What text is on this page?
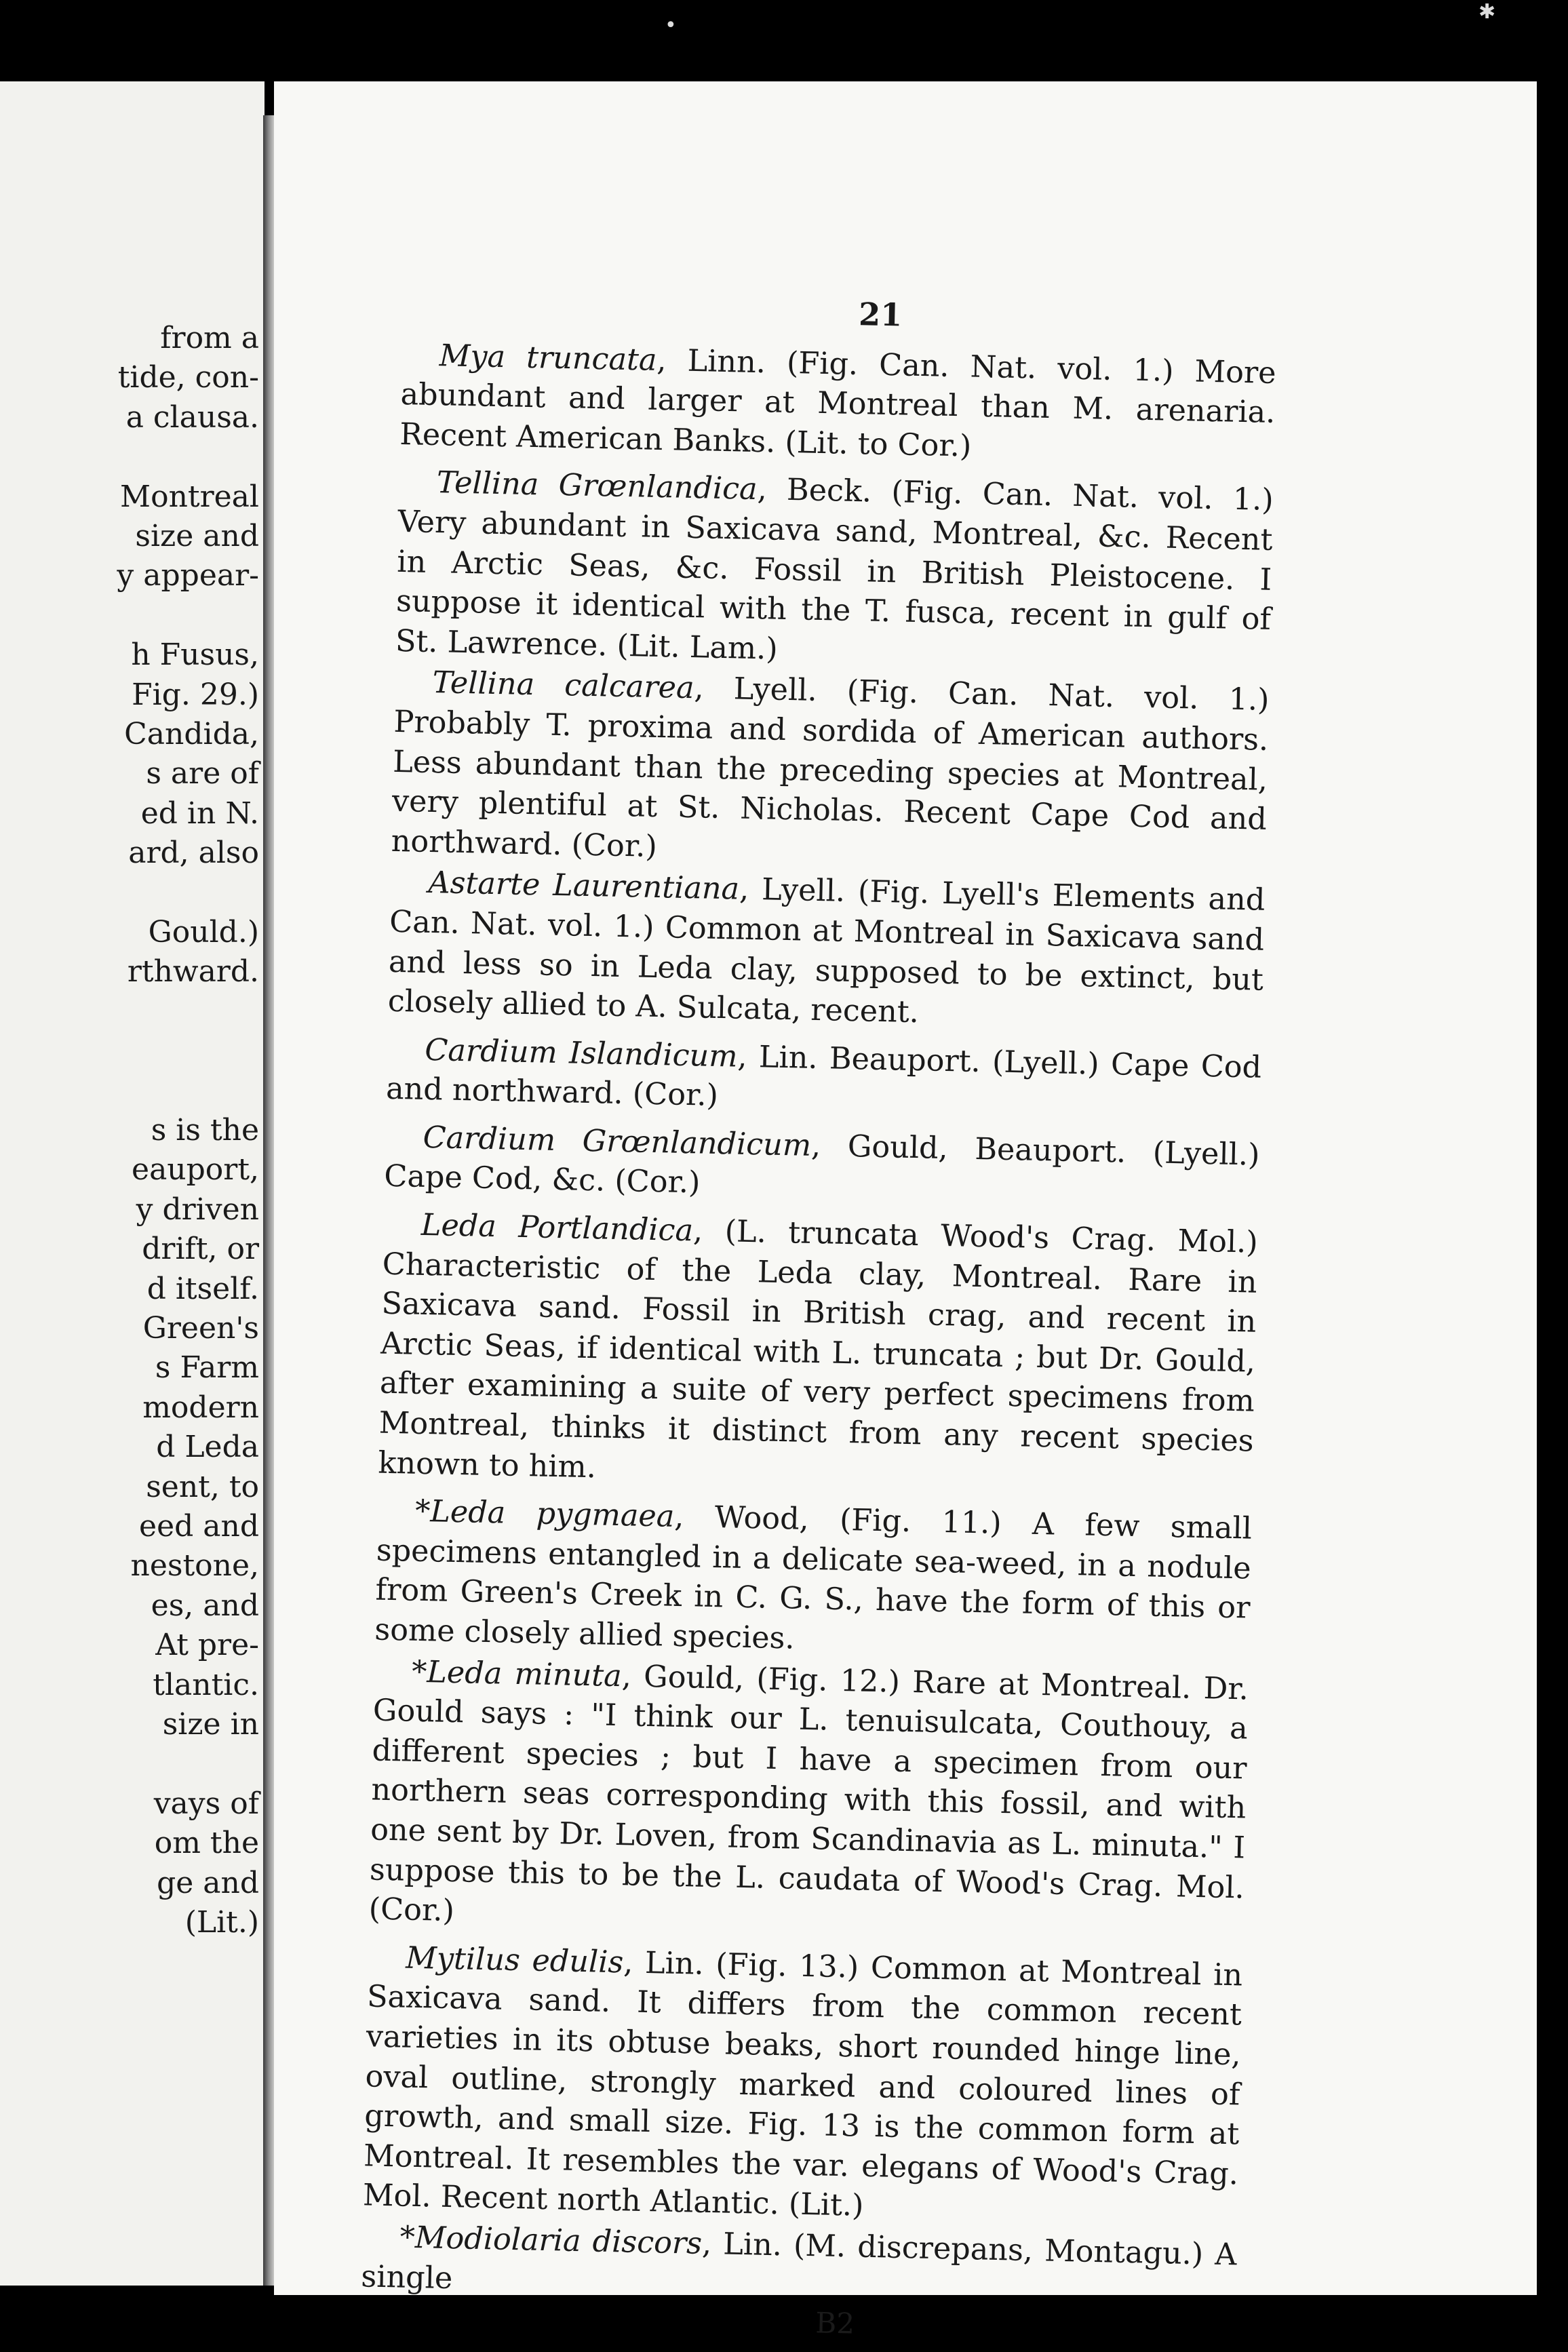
from a
tide, con-
a clausa.
Montreal
size and
y appear-
h Fusus,
Fig. 29.)
Candida,
s are of
ed in N.
ard, also
Gould.)
rthward.
s is the
eauport,
y driven
drift, or
d itself.
Green's
s Farm
modern
d Leda
sent, to
eed and
nestone,
es, and
At pre-
tlantic.
size in
vays of
om the
ge and
(Lit.)
21

Mya truncata, Linn. (Fig. Can. Nat. vol. 1.) More abundant and larger at Montreal than M. arenaria. Recent American Banks. (Lit. to Cor.)

Tellina Grœnlandica, Beck. (Fig. Can. Nat. vol. 1.) Very abundant in Saxicava sand, Montreal, &c. Recent in Arctic Seas, &c. Fossil in British Pleistocene. I suppose it identical with the T. fusca, recent in gulf of St. Lawrence. (Lit. Lam.)

Tellina calcarea, Lyell. (Fig. Can. Nat. vol. 1.) Probably T. proxima and sordida of American authors. Less abundant than the preceding species at Montreal, very plentiful at St. Nicholas. Recent Cape Cod and northward. (Cor.)

Astarte Laurentiana, Lyell. (Fig. Lyell's Elements and Can. Nat. vol. 1.) Common at Montreal in Saxicava sand and less so in Leda clay, supposed to be extinct, but closely allied to A. Sulcata, recent.

Cardium Islandicum, Lin. Beauport. (Lyell.) Cape Cod and northward. (Cor.)

Cardium Grœnlandicum, Gould, Beauport. (Lyell.) Cape Cod, &c. (Cor.)

Leda Portlandica, (L. truncata Wood's Crag. Mol.) Characteristic of the Leda clay, Montreal. Rare in Saxicava sand. Fossil in British crag, and recent in Arctic Seas, if identical with L. truncata ; but Dr. Gould, after examining a suite of very perfect specimens from Montreal, thinks it distinct from any recent species known to him.

*Leda pygmaea, Wood, (Fig. 11.) A few small specimens entangled in a delicate sea-weed, in a nodule from Green's Creek in C. G. S., have the form of this or some closely allied species.

*Leda minuta, Gould, (Fig. 12.) Rare at Montreal. Dr. Gould says : "I think our L. tenuisulcata, Couthouy, a different species ; but I have a specimen from our northern seas corresponding with this fossil, and with one sent by Dr. Loven, from Scandinavia as L. minuta." I suppose this to be the L. caudata of Wood's Crag. Mol. (Cor.)

Mytilus edulis, Lin. (Fig. 13.) Common at Montreal in Saxicava sand. It differs from the common recent varieties in its obtuse beaks, short rounded hinge line, oval outline, strongly marked and coloured lines of growth, and small size. Fig. 13 is the common form at Montreal. It resembles the var. elegans of Wood's Crag. Mol. Recent north Atlantic. (Lit.)

*Modiolaria discors, Lin. (M. discrepans, Montagu.) A single

B2
•
✱
